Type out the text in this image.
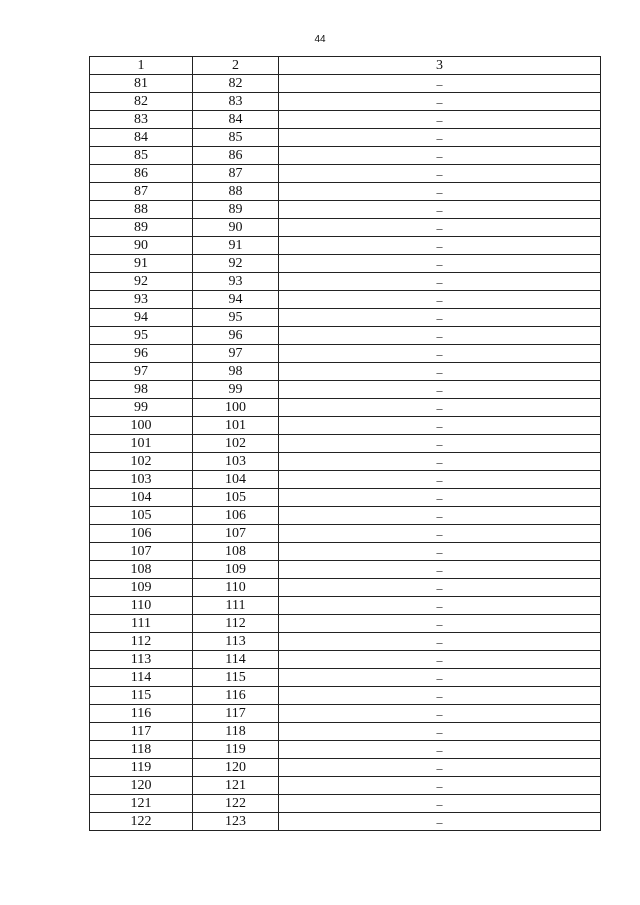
44
1	2	3
81	82	–
82	83	–
83	84	–
84	85	–
85	86	–
86	87	–
87	88	–
88	89	–
89	90	–
90	91	–
91	92	–
92	93	–
93	94	–
94	95	–
95	96	–
96	97	–
97	98	–
98	99	–
99	100	–
100	101	–
101	102	–
102	103	–
103	104	–
104	105	–
105	106	–
106	107	–
107	108	–
108	109	–
109	110	–
110	111	–
111	112	–
112	113	–
113	114	–
114	115	–
115	116	–
116	117	–
117	118	–
118	119	–
119	120	–
120	121	–
121	122	–
122	123	–
